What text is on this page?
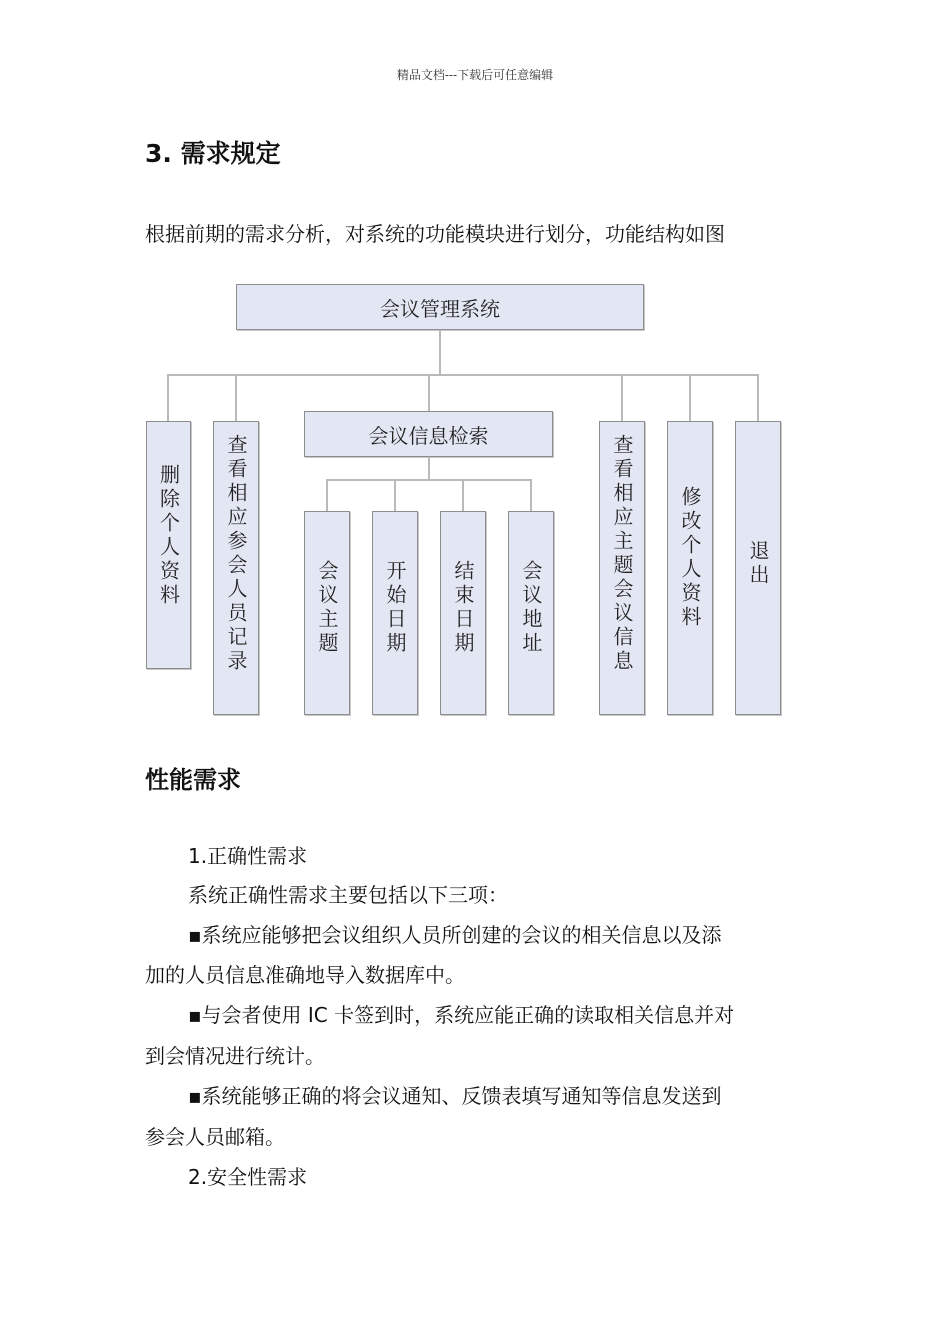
精品文档---下载后可任意编辑
3. 需求规定
根据前期的需求分析，对系统的功能模块进行划分，功能结构如图
会议管理系统
会议信息检索
删除个人资料 查看相应参会人员记录	会议主题 开始日期 结束日期 会议地址	查看相应主题会议信息 修改个人资料 退出
性能需求
1.正确性需求
系统正确性需求主要包括以下三项：
▪系统应能够把会议组织人员所创建的会议的相关信息以及添
加的人员信息准确地导入数据库中。
▪与会者使用 IC 卡签到时，系统应能正确的读取相关信息并对
到会情况进行统计。
▪系统能够正确的将会议通知、反馈表填写通知等信息发送到
参会人员邮箱。
2.安全性需求
